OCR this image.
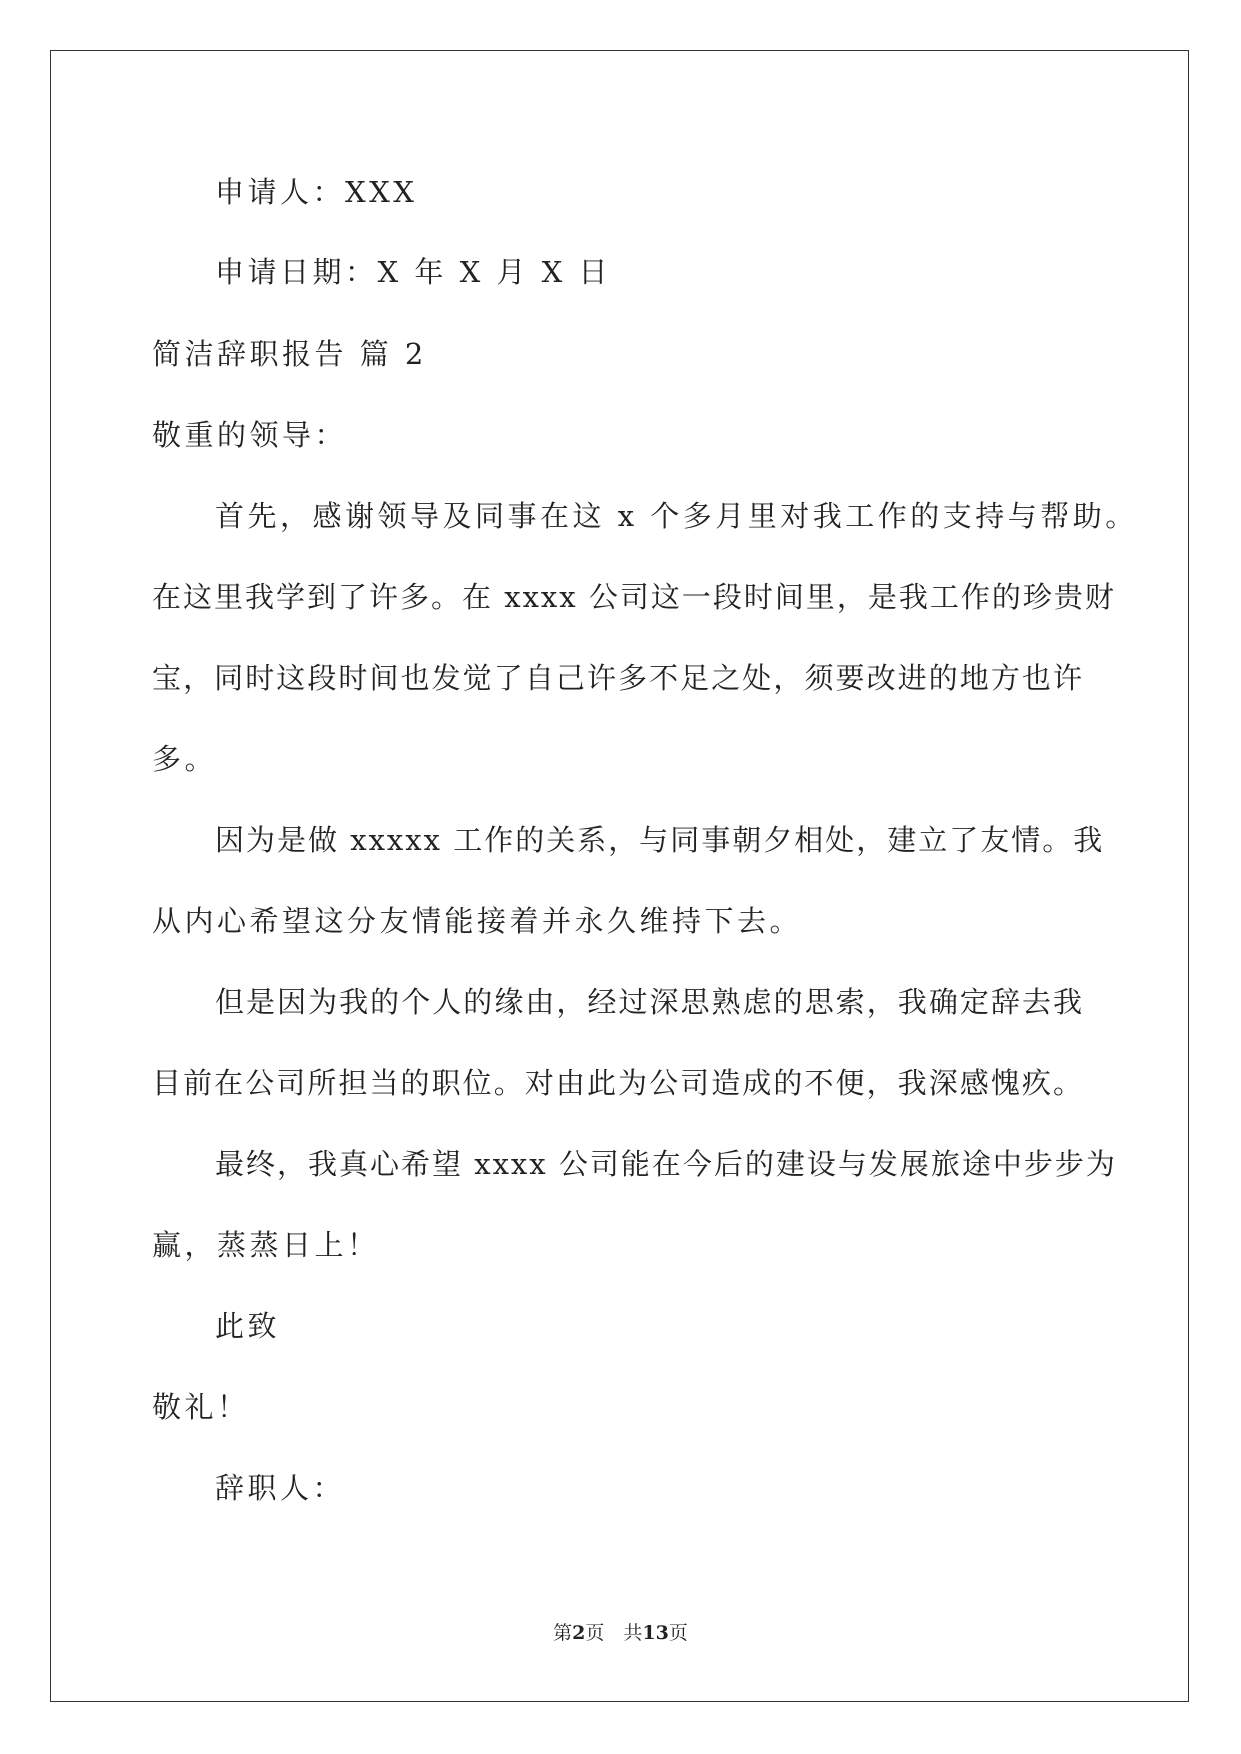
申请人：XXX
申请日期：X 年 X 月 X 日
简洁辞职报告 篇 2
敬重的领导：
首先，感谢领导及同事在这 x 个多月里对我工作的支持与帮助。
在这里我学到了许多。在 xxxx 公司这一段时间里，是我工作的珍贵财
宝，同时这段时间也发觉了自己许多不足之处，须要改进的地方也许
多。
因为是做 xxxxx 工作的关系，与同事朝夕相处，建立了友情。我
从内心希望这分友情能接着并永久维持下去。
但是因为我的个人的缘由，经过深思熟虑的思索，我确定辞去我
目前在公司所担当的职位。对由此为公司造成的不便，我深感愧疚。
最终，我真心希望 xxxx 公司能在今后的建设与发展旅途中步步为
赢，蒸蒸日上！
此致
敬礼！
辞职人：
第2页　共13页
